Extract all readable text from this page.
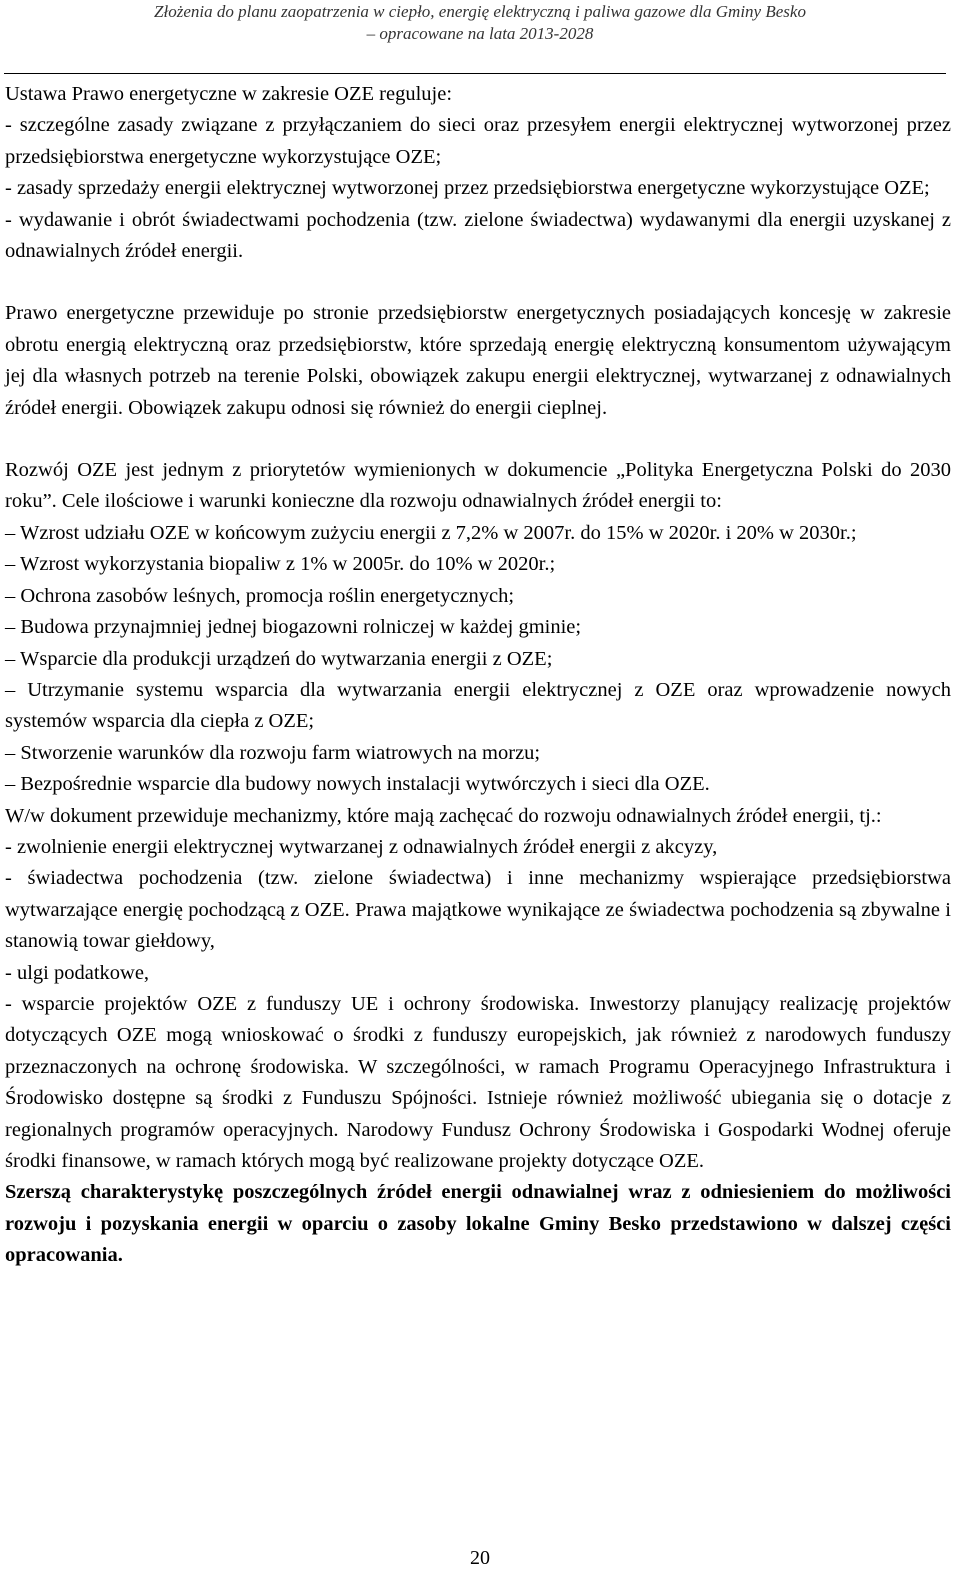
Złożenia do planu zaopatrzenia w ciepło, energię elektryczną i paliwa gazowe dla Gminy Besko
– opracowane na lata 2013-2028

Ustawa Prawo energetyczne w zakresie OZE reguluje:

- szczególne zasady związane z przyłączaniem do sieci oraz przesyłem energii elektrycznej wytworzonej przez przedsiębiorstwa energetyczne wykorzystujące OZE;

- zasady sprzedaży energii elektrycznej wytworzonej przez przedsiębiorstwa energetyczne wykorzystujące OZE;

- wydawanie i obrót świadectwami pochodzenia (tzw. zielone świadectwa) wydawanymi dla energii uzyskanej z odnawialnych źródeł energii.

Prawo energetyczne przewiduje po stronie przedsiębiorstw energetycznych posiadających koncesję w zakresie obrotu energią elektryczną oraz przedsiębiorstw, które sprzedają energię elektryczną konsumentom używającym jej dla własnych potrzeb na terenie Polski, obowiązek zakupu energii elektrycznej, wytwarzanej z odnawialnych źródeł energii. Obowiązek zakupu odnosi się również do energii cieplnej.

Rozwój OZE jest jednym z priorytetów wymienionych w dokumencie „Polityka Energetyczna Polski do 2030 roku”. Cele ilościowe i warunki konieczne dla rozwoju odnawialnych źródeł energii to:

– Wzrost udziału OZE w końcowym zużyciu energii z 7,2% w 2007r. do 15% w 2020r. i 20% w 2030r.;

– Wzrost wykorzystania biopaliw z 1% w 2005r. do 10% w 2020r.;

– Ochrona zasobów leśnych, promocja roślin energetycznych;

– Budowa przynajmniej jednej biogazowni rolniczej w każdej gminie;

– Wsparcie dla produkcji urządzeń do wytwarzania energii z OZE;

– Utrzymanie systemu wsparcia dla wytwarzania energii elektrycznej z OZE oraz wprowadzenie nowych systemów wsparcia dla ciepła z OZE;

– Stworzenie warunków dla rozwoju farm wiatrowych na morzu;

– Bezpośrednie wsparcie dla budowy nowych instalacji wytwórczych i sieci dla OZE.

W/w dokument przewiduje mechanizmy, które mają zachęcać do rozwoju odnawialnych źródeł energii, tj.:

- zwolnienie energii elektrycznej wytwarzanej z odnawialnych źródeł energii z akcyzy,

- świadectwa pochodzenia (tzw. zielone świadectwa) i inne mechanizmy wspierające przedsiębiorstwa wytwarzające energię pochodzącą z OZE. Prawa majątkowe wynikające ze świadectwa pochodzenia są zbywalne i stanowią towar giełdowy,

- ulgi podatkowe,

- wsparcie projektów OZE z funduszy UE i ochrony środowiska. Inwestorzy planujący realizację projektów dotyczących OZE mogą wnioskować o środki z funduszy europejskich, jak również z narodowych funduszy przeznaczonych na ochronę środowiska. W szczególności, w ramach Programu Operacyjnego Infrastruktura i Środowisko dostępne są środki z Funduszu Spójności. Istnieje również możliwość ubiegania się o dotacje z regionalnych programów operacyjnych. Narodowy Fundusz Ochrony Środowiska i Gospodarki Wodnej oferuje środki finansowe, w ramach których mogą być realizowane projekty dotyczące OZE.

Szerszą charakterystykę poszczególnych źródeł energii odnawialnej wraz z odniesieniem do możliwości rozwoju i pozyskania energii w oparciu o zasoby lokalne Gminy Besko przedstawiono w dalszej części opracowania.

20
